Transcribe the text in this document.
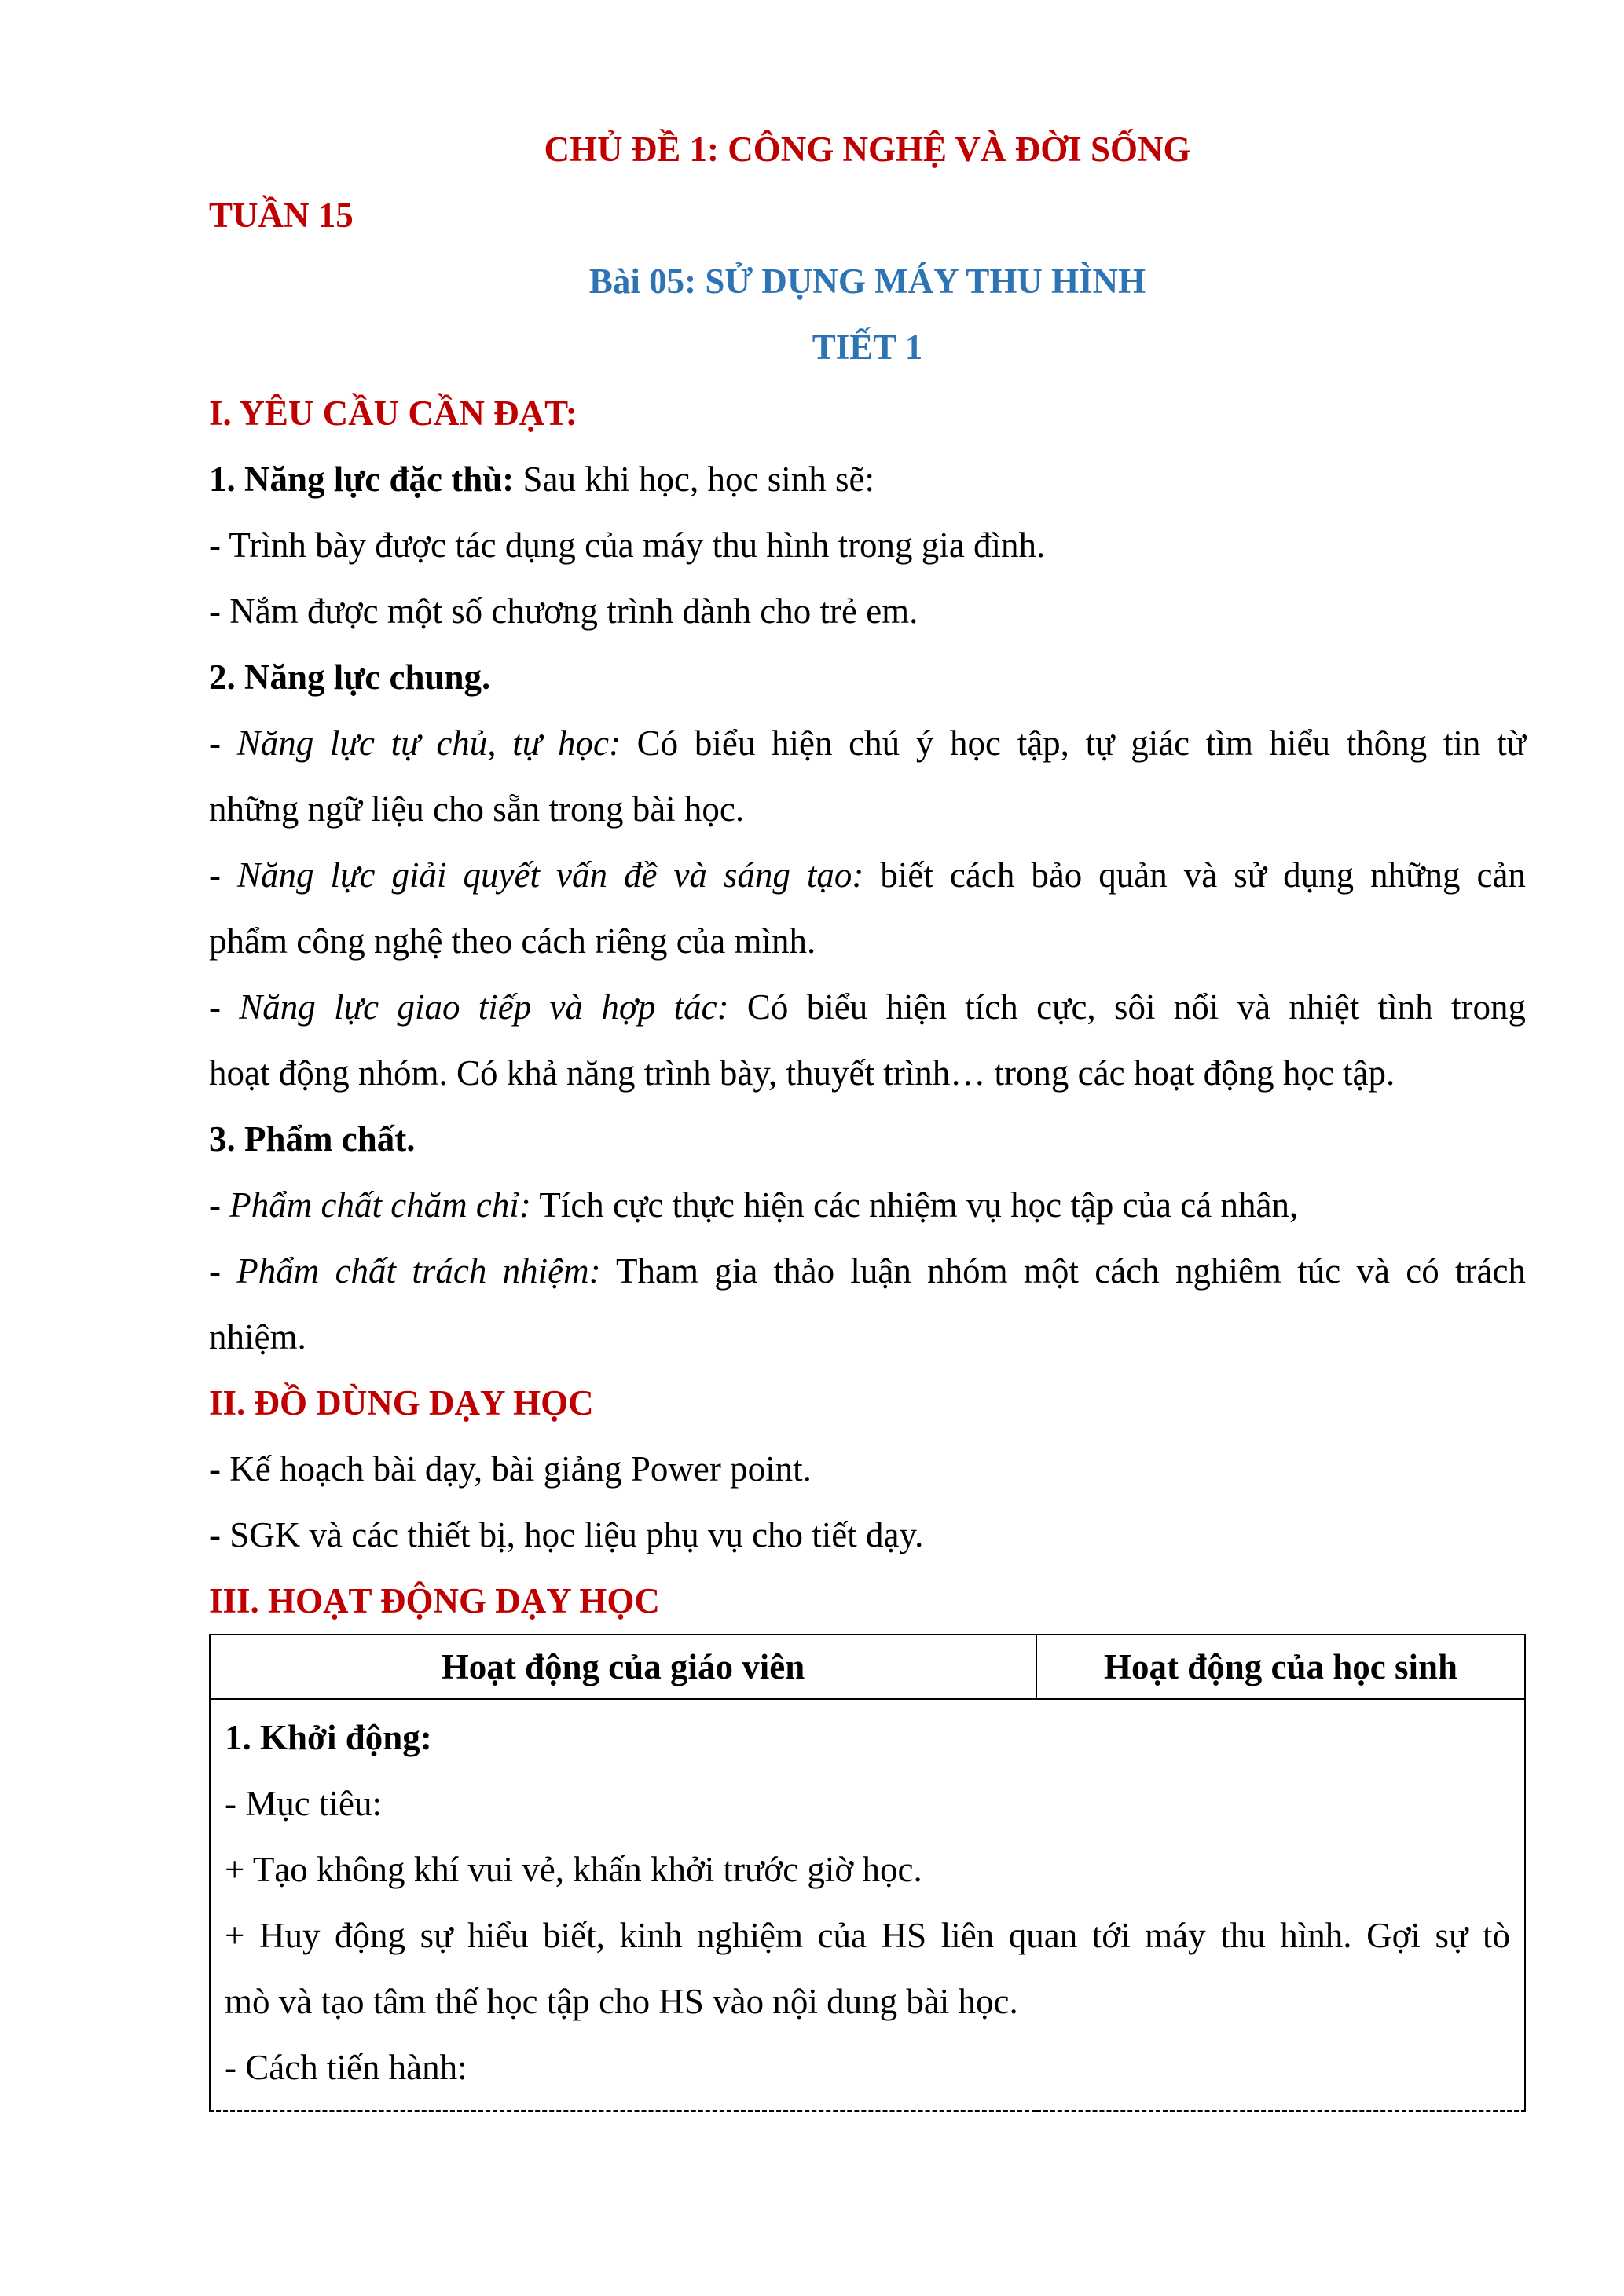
CHỦ ĐỀ 1: CÔNG NGHỆ VÀ ĐỜI SỐNG
TUẦN 15
Bài 05: SỬ DỤNG MÁY THU HÌNH
TIẾT 1
I. YÊU CẦU CẦN ĐẠT:
1. Năng lực đặc thù: Sau khi học, học sinh sẽ:
- Trình bày được tác dụng của máy thu hình trong gia đình.
- Nắm được một số chương trình dành cho trẻ em.
2. Năng lực chung.
- Năng lực tự chủ, tự học: Có biểu hiện chú ý học tập, tự giác tìm hiểu thông tin từ
những ngữ liệu cho sẵn trong bài học.
- Năng lực giải quyết vấn đề và sáng tạo: biết cách bảo quản và sử dụng những cản
phẩm công nghệ theo cách riêng của mình.
- Năng lực giao tiếp và hợp tác: Có biểu hiện tích cực, sôi nổi và nhiệt tình trong
hoạt động nhóm. Có khả năng trình bày, thuyết trình… trong các hoạt động học tập.
3. Phẩm chất.
- Phẩm chất chăm chỉ: Tích cực thực hiện các nhiệm vụ học tập của cá nhân,
- Phẩm chất trách nhiệm: Tham gia thảo luận nhóm một cách nghiêm túc và có trách
nhiệm.
II. ĐỒ DÙNG DẠY HỌC
- Kế hoạch bài dạy, bài giảng Power point.
- SGK và các thiết bị, học liệu phụ vụ cho tiết dạy.
III. HOẠT ĐỘNG DẠY HỌC
Hoạt động của giáo viên	Hoạt động của học sinh

1. Khởi động:
- Mục tiêu:
+ Tạo không khí vui vẻ, khấn khởi trước giờ học.
+ Huy động sự hiểu biết, kinh nghiệm của HS liên quan tới máy thu hình. Gợi sự tò
mò và tạo tâm thế học tập cho HS vào nội dung bài học.
- Cách tiến hành:
